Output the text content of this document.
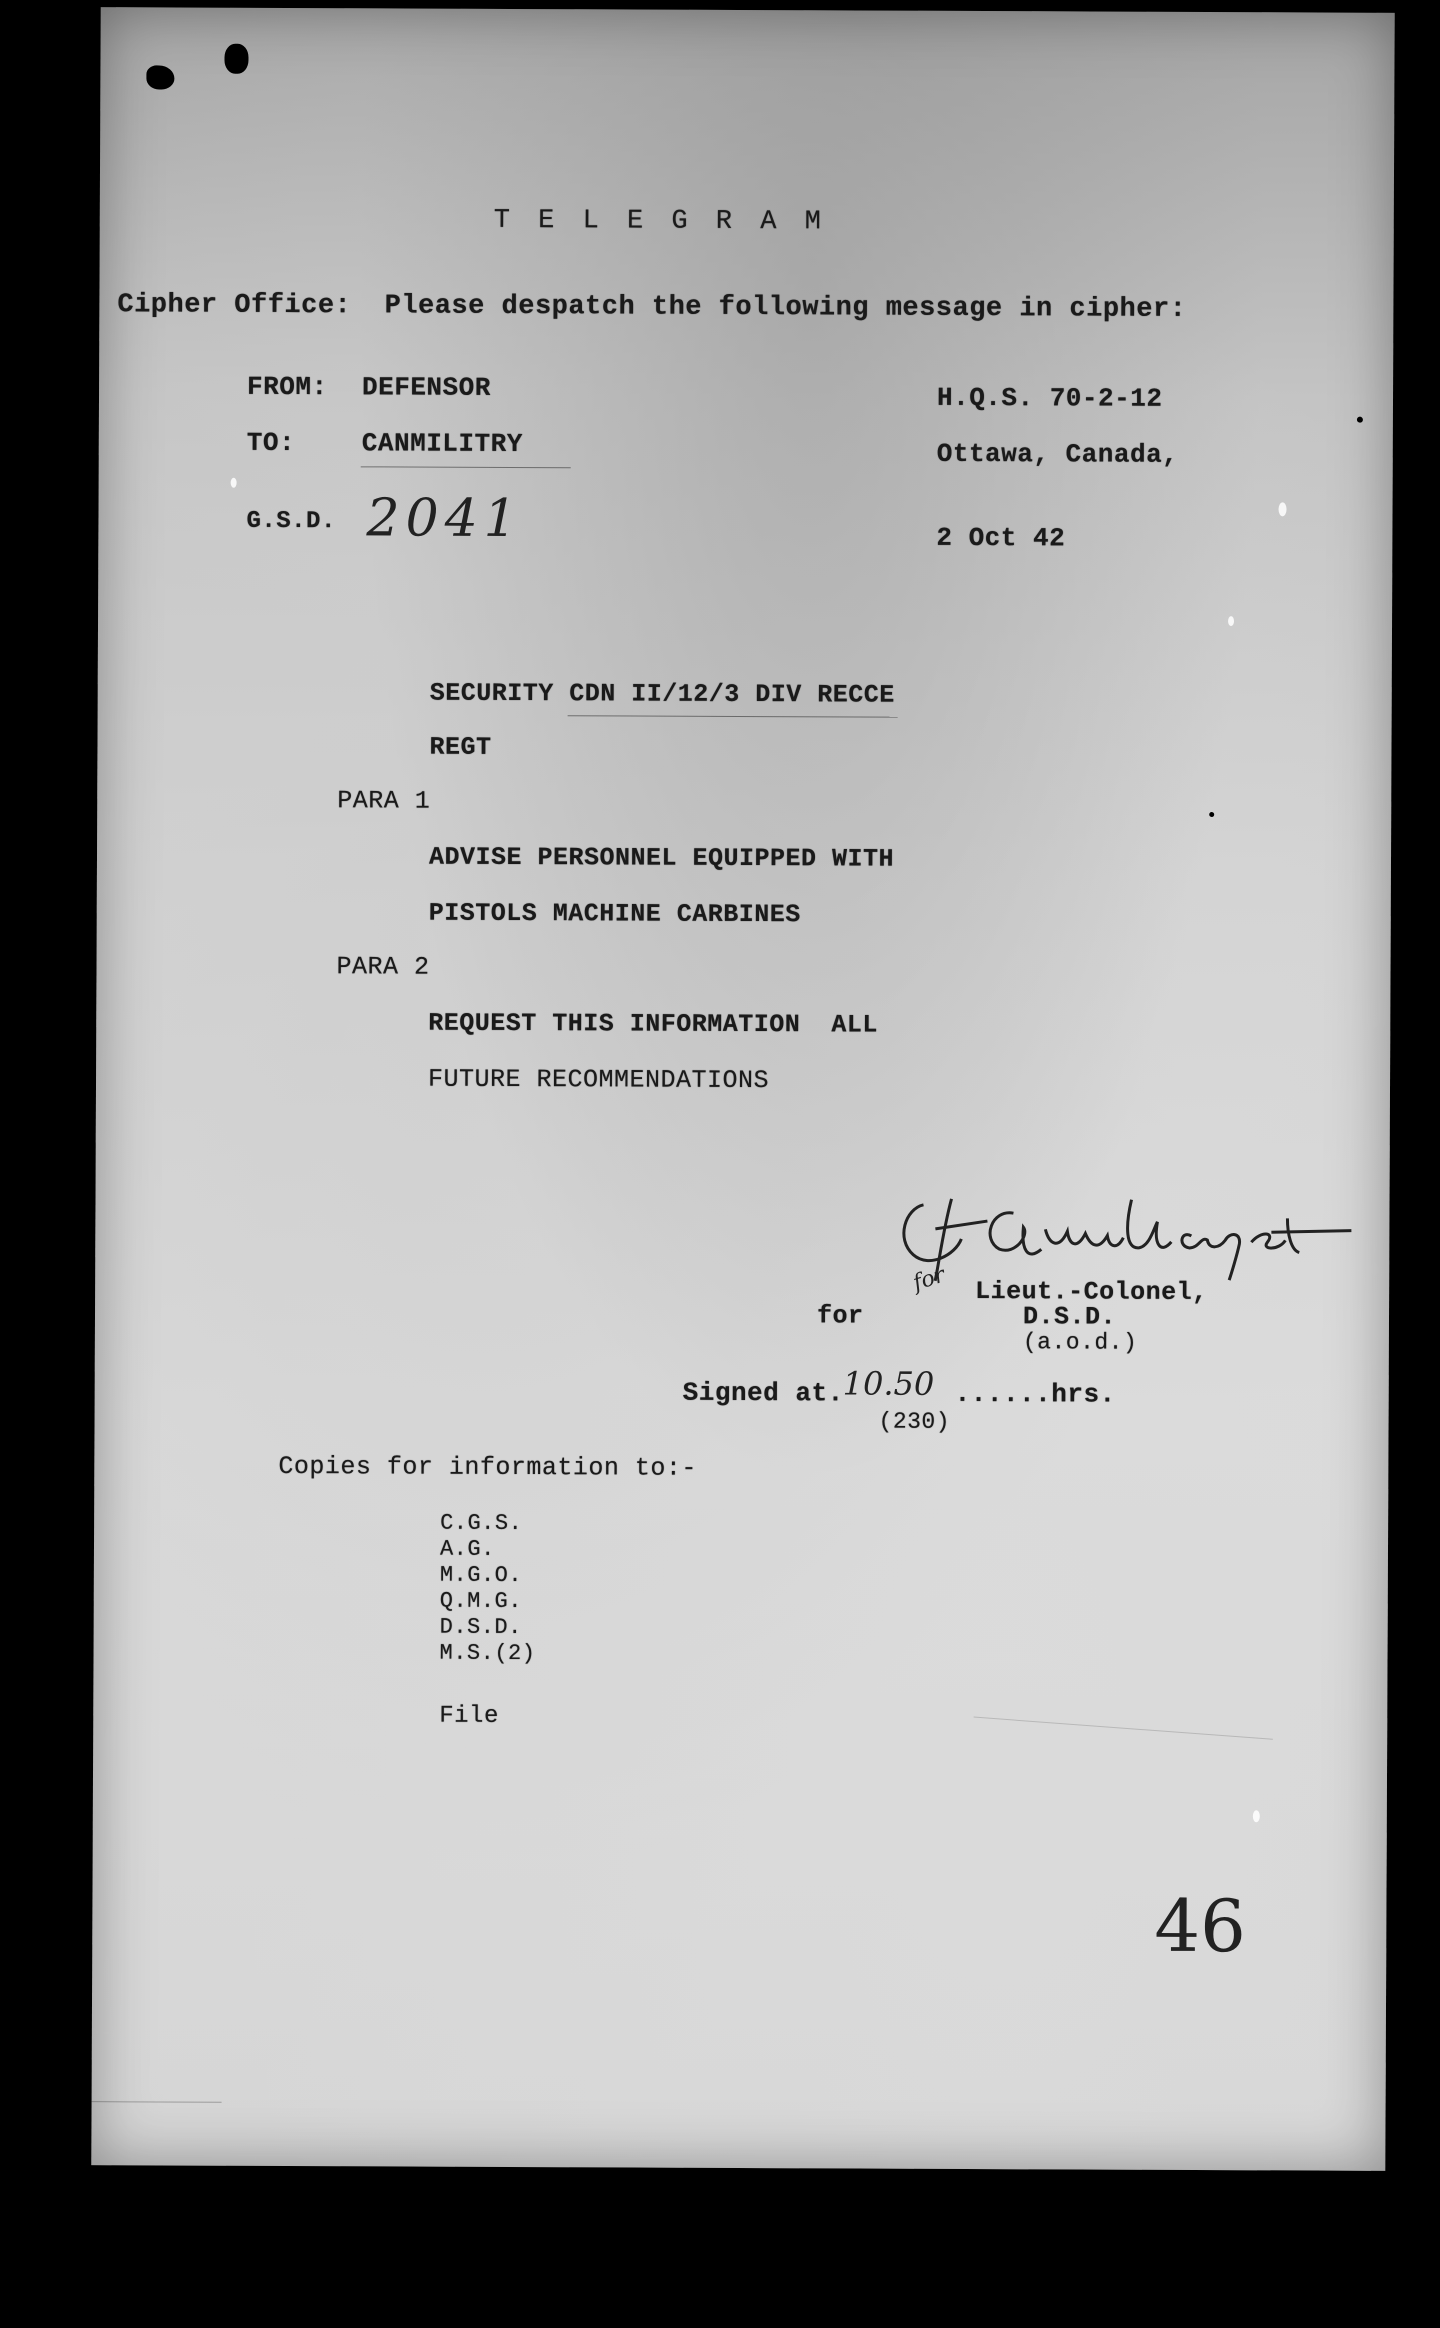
T E L E G R A M
Cipher Office:  Please despatch the following message in cipher:
FROM: DEFENSOR
TO:	CANMILITRY
G.S.D. 2041
H.Q.S. 70-2-12
Ottawa, Canada,
2 Oct 42
SECURITY CDN II/12/3 DIV RECCE
REGT
PARA 1
ADVISE PERSONNEL EQUIPPED WITH
PISTOLS MACHINE CARBINES
PARA 2
REQUEST THIS INFORMATION  ALL
FUTURE RECOMMENDATIONS
for Lieut.-Colonel,
for	D.S.D.
(a.o.d.)
Signed at.
10.50 ......hrs.
(230)
Copies for information to:-
C.G.S.
A.G.
M.G.O.
Q.M.G.
D.S.D.
M.S.(2)
File
46
